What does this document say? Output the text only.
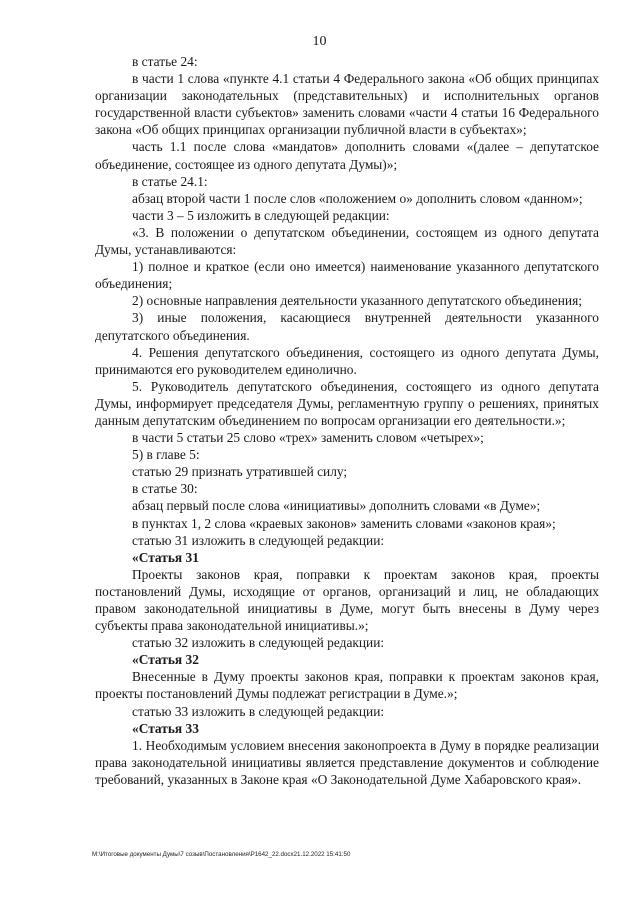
10

в статье 24:

в части 1 слова «пункте 4.1 статьи 4 Федерального закона «Об общих принципах организации законодательных (представительных) и исполнительных органов государственной власти субъектов» заменить словами «части 4 статьи 16 Федерального закона «Об общих принципах организации публичной власти в субъектах»;

часть 1.1 после слова «мандатов» дополнить словами «(далее – депутатское объединение, состоящее из одного депутата Думы)»;

в статье 24.1:

абзац второй части 1 после слов «положением о» дополнить словом «данном»;

части 3 – 5 изложить в следующей редакции:

«3. В положении о депутатском объединении, состоящем из одного депутата Думы, устанавливаются:

1) полное и краткое (если оно имеется) наименование указанного депутатского объединения;

2) основные направления деятельности указанного депутатского объединения;

3) иные положения, касающиеся внутренней деятельности указанного депутатского объединения.

4. Решения депутатского объединения, состоящего из одного депутата Думы, принимаются его руководителем единолично.

5. Руководитель депутатского объединения, состоящего из одного депутата Думы, информирует председателя Думы, регламентную группу о решениях, принятых данным депутатским объединением по вопросам организации его деятельности.»;

в части 5 статьи 25 слово «трех» заменить словом «четырех»;

5) в главе 5:

статью 29 признать утратившей силу;

в статье 30:

абзац первый после слова «инициативы» дополнить словами «в Думе»;

в пунктах 1, 2 слова «краевых законов» заменить словами «законов края»;

статью 31 изложить в следующей редакции:

«Статья 31

Проекты законов края, поправки к проектам законов края, проекты постановлений Думы, исходящие от органов, организаций и лиц, не обладающих правом законодательной инициативы в Думе, могут быть внесены в Думу через субъекты права законодательной инициативы.»;

статью 32 изложить в следующей редакции:

«Статья 32

Внесенные в Думу проекты законов края, поправки к проектам законов края, проекты постановлений Думы подлежат регистрации в Думе.»;

статью 33 изложить в следующей редакции:

«Статья 33

1. Необходимым условием внесения законопроекта в Думу в порядке реализации права законодательной инициативы является представление документов и соблюдение требований, указанных в Законе края «О Законодательной Думе Хабаровского края».

M:\Итоговые документы Думы\7 созыв\Постановления\P1642_22.docx21.12.2022 15:41:50
